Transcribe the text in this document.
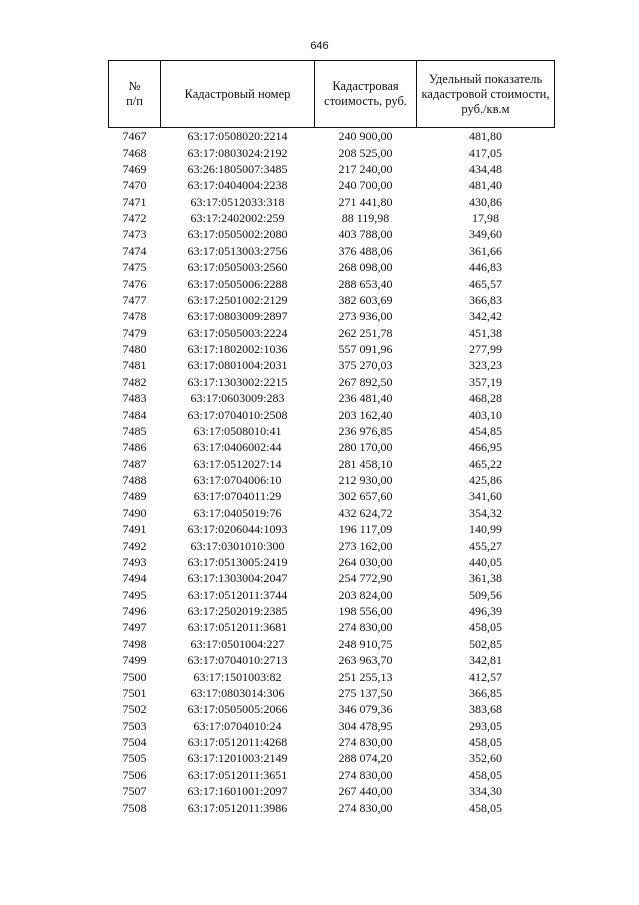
646
№
п/п	Кадастровый номер	Кадастровая стоимость, руб.	Удельный показатель кадастровой стоимости, руб./кв.м
7467	63:17:0508020:2214	240 900,00	481,80
7468	63:17:0803024:2192	208 525,00	417,05
7469	63:26:1805007:3485	217 240,00	434,48
7470	63:17:0404004:2238	240 700,00	481,40
7471	63:17:0512033:318	271 441,80	430,86
7472	63:17:2402002:259	88 119,98	17,98
7473	63:17:0505002:2080	403 788,00	349,60
7474	63:17:0513003:2756	376 488,06	361,66
7475	63:17:0505003:2560	268 098,00	446,83
7476	63:17:0505006:2288	288 653,40	465,57
7477	63:17:2501002:2129	382 603,69	366,83
7478	63:17:0803009:2897	273 936,00	342,42
7479	63:17:0505003:2224	262 251,78	451,38
7480	63:17:1802002:1036	557 091,96	277,99
7481	63:17:0801004:2031	375 270,03	323,23
7482	63:17:1303002:2215	267 892,50	357,19
7483	63:17:0603009:283	236 481,40	468,28
7484	63:17:0704010:2508	203 162,40	403,10
7485	63:17:0508010:41	236 976,85	454,85
7486	63:17:0406002:44	280 170,00	466,95
7487	63:17:0512027:14	281 458,10	465,22
7488	63:17:0704006:10	212 930,00	425,86
7489	63:17:0704011:29	302 657,60	341,60
7490	63:17:0405019:76	432 624,72	354,32
7491	63:17:0206044:1093	196 117,09	140,99
7492	63:17:0301010:300	273 162,00	455,27
7493	63:17:0513005:2419	264 030,00	440,05
7494	63:17:1303004:2047	254 772,90	361,38
7495	63:17:0512011:3744	203 824,00	509,56
7496	63:17:2502019:2385	198 556,00	496,39
7497	63:17:0512011:3681	274 830,00	458,05
7498	63:17:0501004:227	248 910,75	502,85
7499	63:17:0704010:2713	263 963,70	342,81
7500	63:17:1501003:82	251 255,13	412,57
7501	63:17:0803014:306	275 137,50	366,85
7502	63:17:0505005:2066	346 079,36	383,68
7503	63:17:0704010:24	304 478,95	293,05
7504	63:17:0512011:4268	274 830,00	458,05
7505	63:17:1201003:2149	288 074,20	352,60
7506	63:17:0512011:3651	274 830,00	458,05
7507	63:17:1601001:2097	267 440,00	334,30
7508	63:17:0512011:3986	274 830,00	458,05
